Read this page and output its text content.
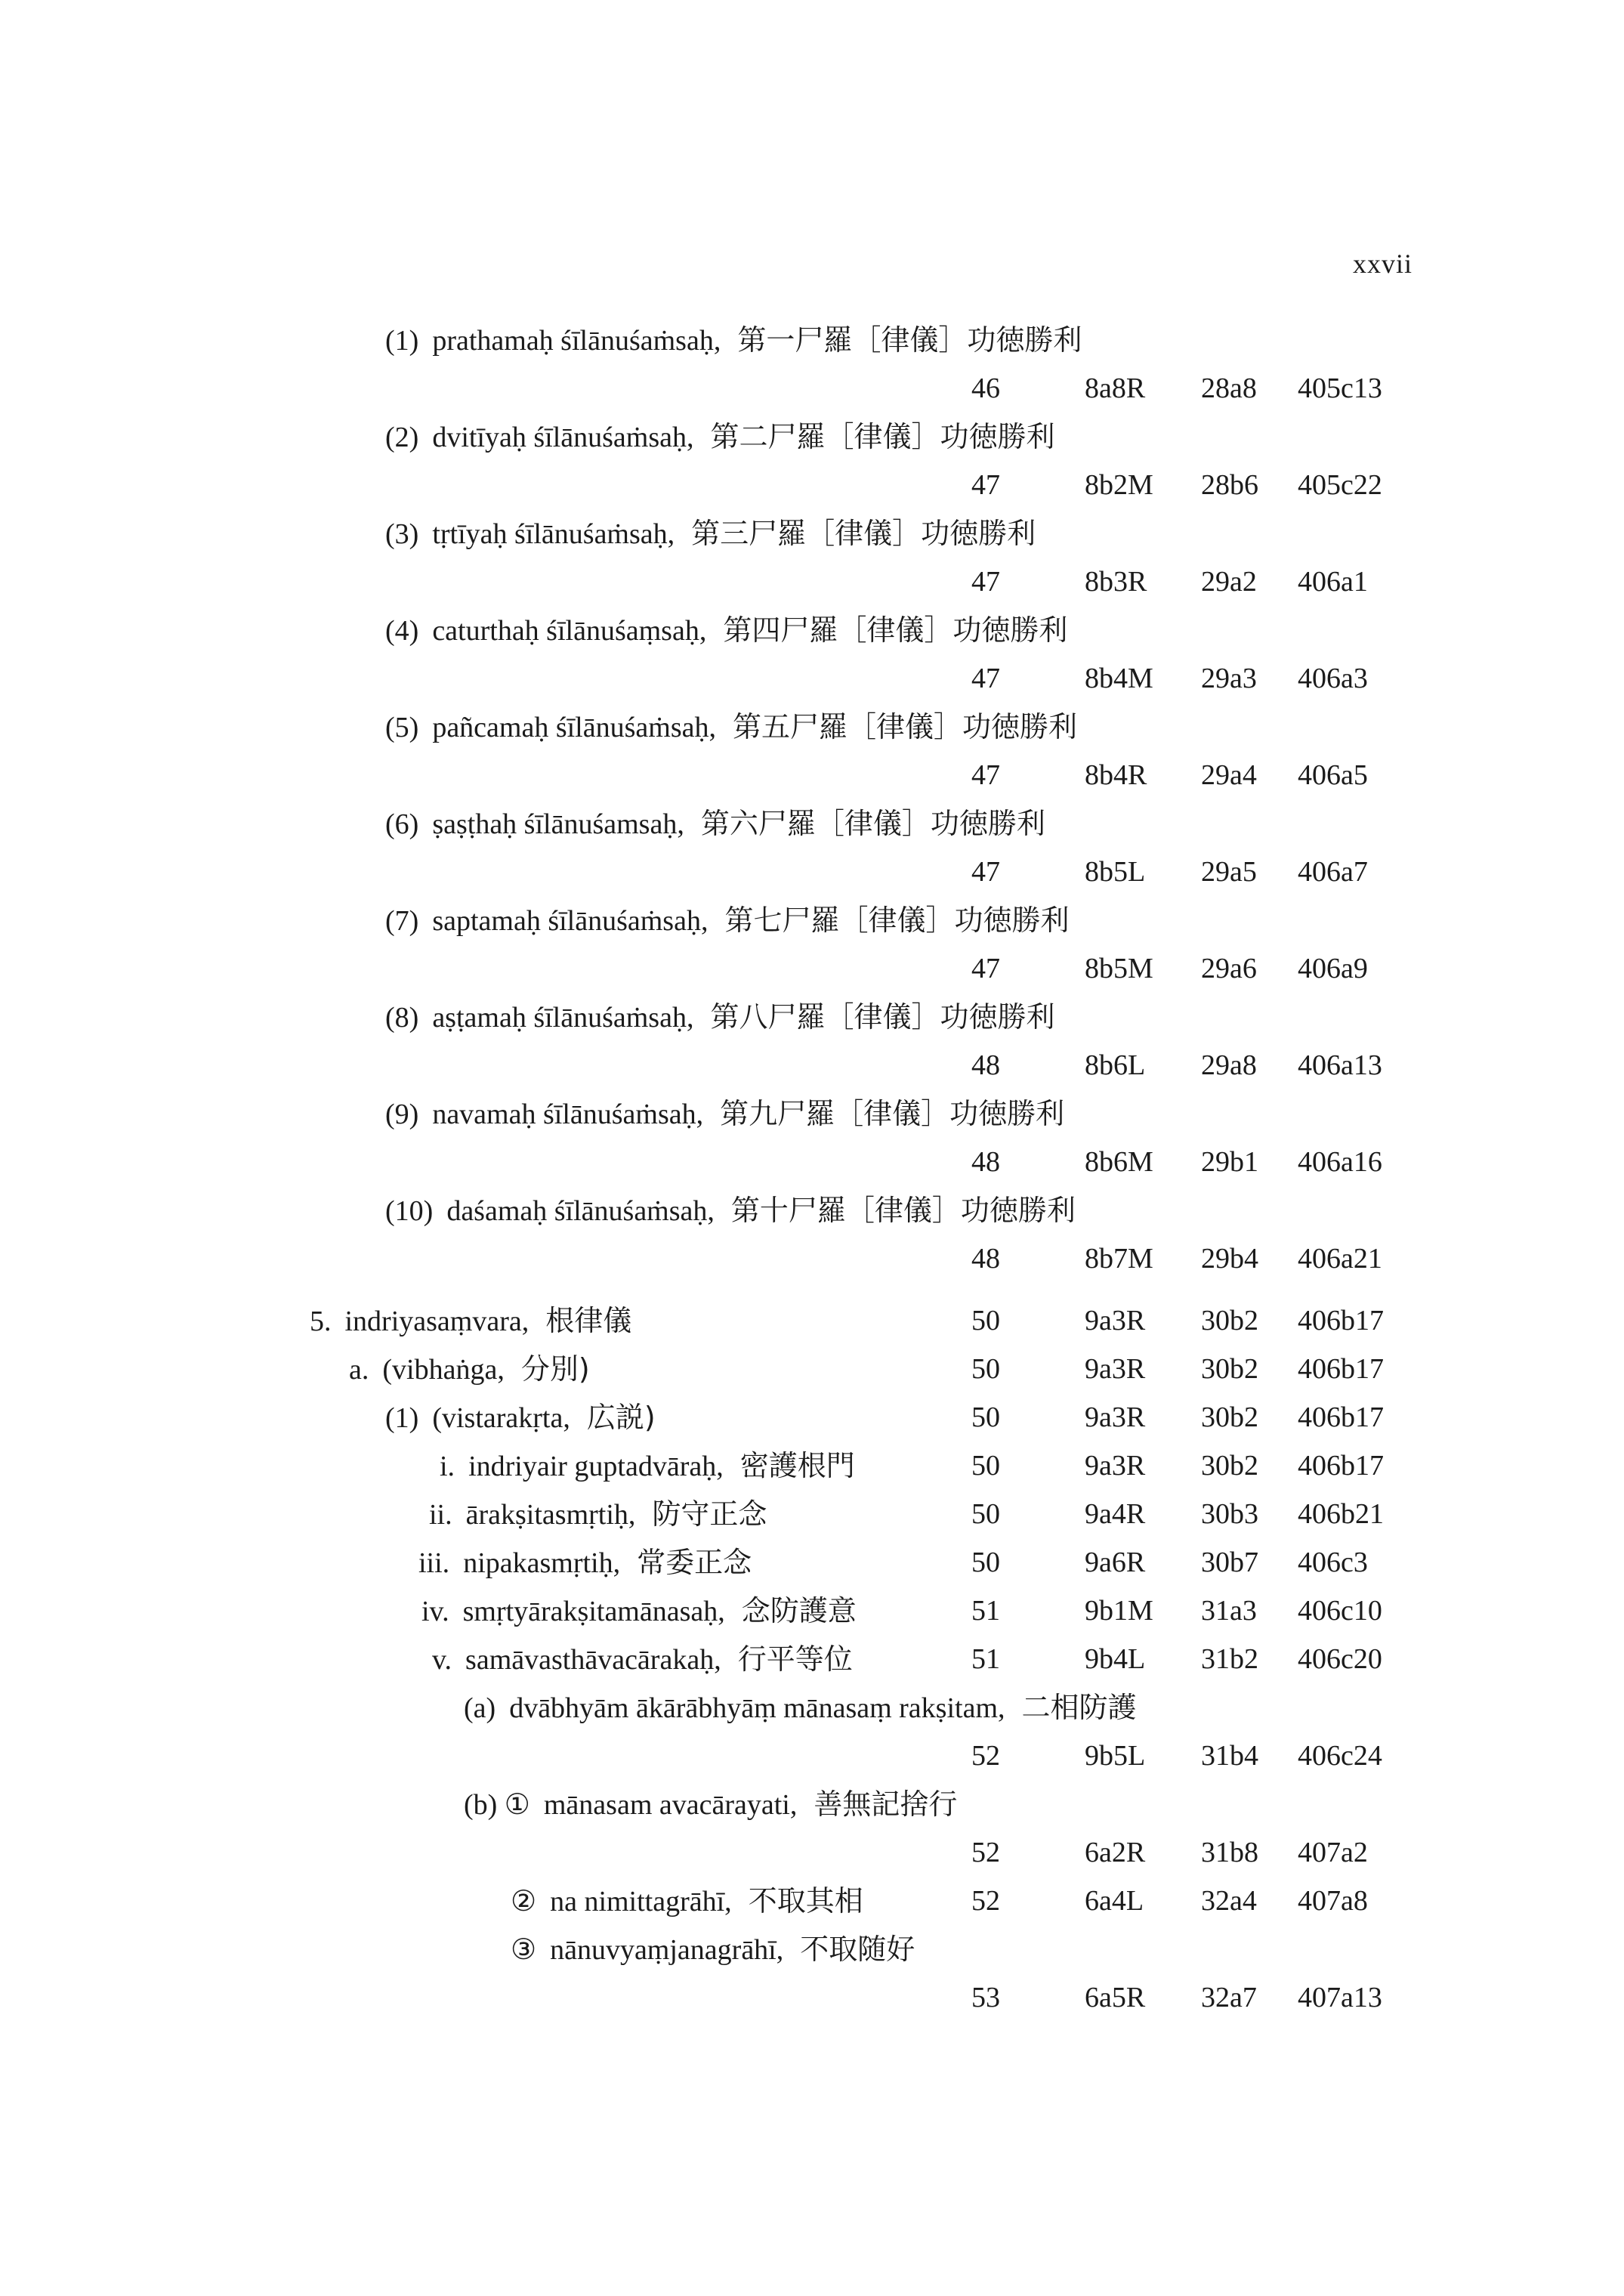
xxvii
(1) prathamaḥ śīlānuśaṁsaḥ, 第一尸羅［律儀］功徳勝利
46	8a8R 28a8 405c13
(2) dvitīyaḥ śīlānuśaṁsaḥ, 第二尸羅［律儀］功徳勝利
47	8b2M 28b6 405c22
(3) tṛtīyaḥ śīlānuśaṁsaḥ, 第三尸羅［律儀］功徳勝利
47	8b3R 29a2 406a1
(4) caturthaḥ śīlānuśaṃsaḥ, 第四尸羅［律儀］功徳勝利
47	8b4M 29a3 406a3
(5) pañcamaḥ śīlānuśaṁsaḥ, 第五尸羅［律儀］功徳勝利
47	8b4R 29a4 406a5
(6) ṣaṣṭhaḥ śīlānuśamsaḥ, 第六尸羅［律儀］功徳勝利
47	8b5L 29a5 406a7
(7) saptamaḥ śīlānuśaṁsaḥ, 第七尸羅［律儀］功徳勝利
47	8b5M 29a6 406a9
(8) aṣṭamaḥ śīlānuśaṁsaḥ, 第八尸羅［律儀］功徳勝利
48	8b6L 29a8 406a13
(9) navamaḥ śīlānuśaṁsaḥ, 第九尸羅［律儀］功徳勝利
48	8b6M 29b1 406a16
(10) daśamaḥ śīlānuśaṁsaḥ, 第十尸羅［律儀］功徳勝利
48	8b7M 29b4 406a21
5. indriyasaṃvara, 根律儀	50	9a3R 30b2 406b17
a. (vibhaṅga, 分別)	50	9a3R 30b2 406b17
(1) (vistarakṛta, 広説)	50	9a3R 30b2 406b17
i. indriyair guptadvāraḥ, 密護根門	50	9a3R 30b2 406b17
ii. ārakṣitasmṛtiḥ, 防守正念	50	9a4R 30b3 406b21
iii. nipakasmṛtiḥ, 常委正念	50	9a6R 30b7 406c3
iv. smṛtyārakṣitamānasaḥ, 念防護意	51	9b1M 31a3 406c10
v. samāvasthāvacārakaḥ, 行平等位	51	9b4L 31b2 406c20
(a) dvābhyām ākārābhyāṃ mānasaṃ rakṣitam, 二相防護
52	9b5L 31b4 406c24
(b) ① mānasam avacārayati, 善無記捨行
52	6a2R 31b8 407a2
② na nimittagrāhī, 不取其相	52	6a4L 32a4 407a8
③ nānuvyaṃjanagrāhī, 不取随好
53	6a5R 32a7 407a13
